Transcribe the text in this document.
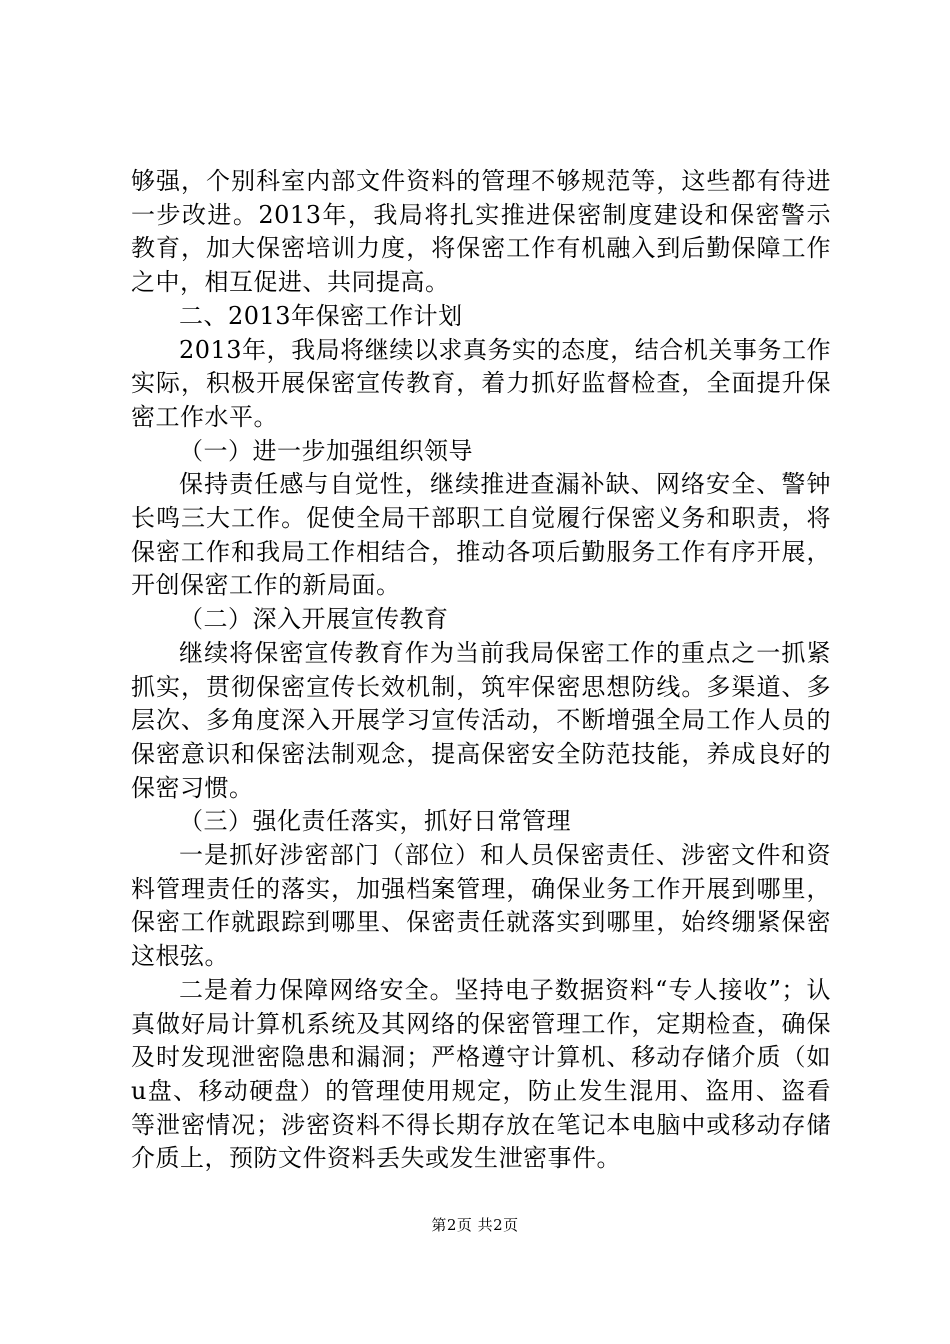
够强，个别科室内部文件资料的管理不够规范等，这些都有待进一步改进。2013年，我局将扎实推进保密制度建设和保密警示教育，加大保密培训力度，将保密工作有机融入到后勤保障工作之中，相互促进、共同提高。

二、2013年保密工作计划

2013年，我局将继续以求真务实的态度，结合机关事务工作实际，积极开展保密宣传教育，着力抓好监督检查，全面提升保密工作水平。

（一）进一步加强组织领导

保持责任感与自觉性，继续推进查漏补缺、网络安全、警钟长鸣三大工作。促使全局干部职工自觉履行保密义务和职责，将保密工作和我局工作相结合，推动各项后勤服务工作有序开展，开创保密工作的新局面。

（二）深入开展宣传教育

继续将保密宣传教育作为当前我局保密工作的重点之一抓紧抓实，贯彻保密宣传长效机制，筑牢保密思想防线。多渠道、多层次、多角度深入开展学习宣传活动，不断增强全局工作人员的保密意识和保密法制观念，提高保密安全防范技能，养成良好的保密习惯。

（三）强化责任落实，抓好日常管理

一是抓好涉密部门（部位）和人员保密责任、涉密文件和资料管理责任的落实，加强档案管理，确保业务工作开展到哪里，保密工作就跟踪到哪里、保密责任就落实到哪里，始终绷紧保密这根弦。

二是着力保障网络安全。坚持电子数据资料“专人接收”；认真做好局计算机系统及其网络的保密管理工作，定期检查，确保及时发现泄密隐患和漏洞；严格遵守计算机、移动存储介质（如u盘、移动硬盘）的管理使用规定，防止发生混用、盗用、盗看等泄密情况；涉密资料不得长期存放在笔记本电脑中或移动存储介质上，预防文件资料丢失或发生泄密事件。

第2页 共2页
